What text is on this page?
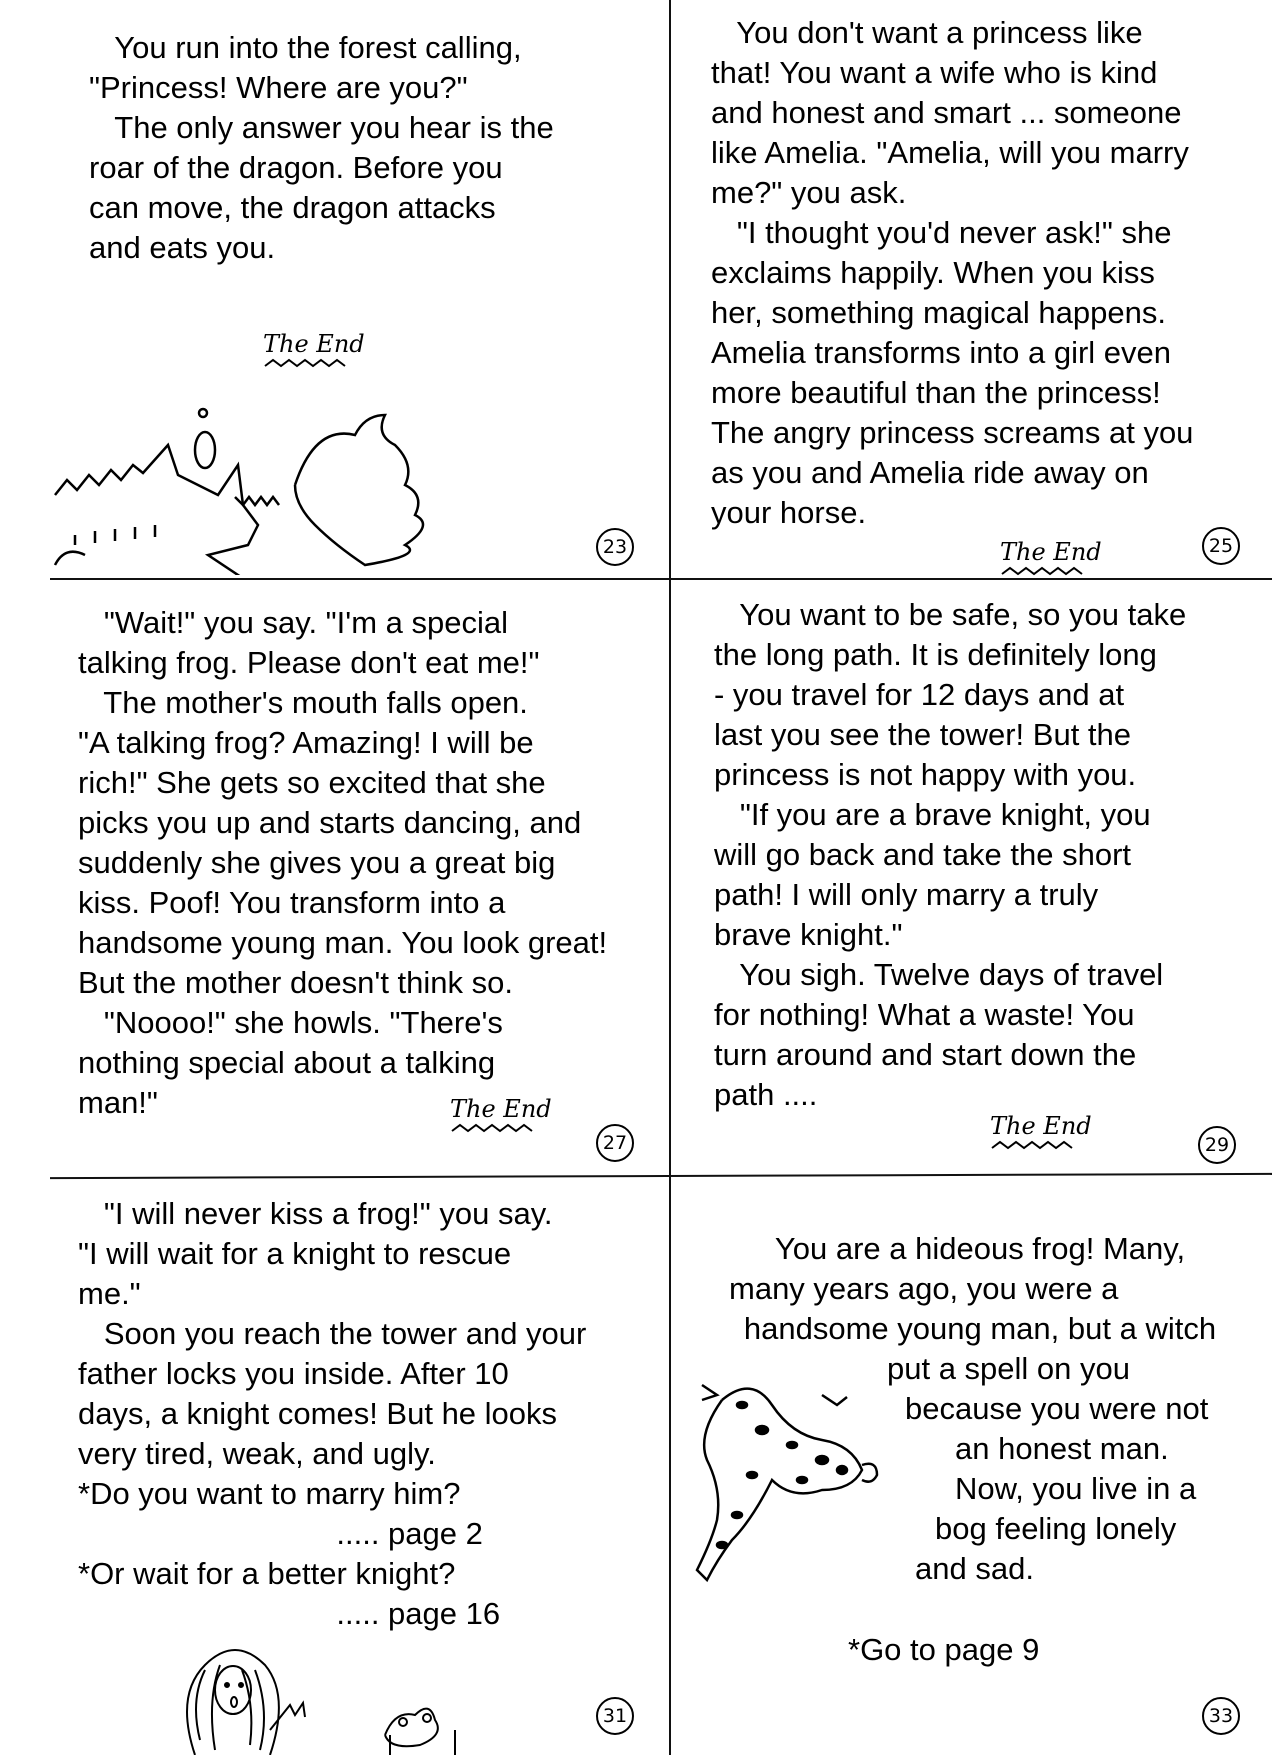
You run into the forest calling,
"Princess! Where are you?"
The only answer you hear is the
roar of the dragon. Before you
can move, the dragon attacks
and eats you.
The End
23
You don't want a princess like
that! You want a wife who is kind
and honest and smart ... someone
like Amelia. "Amelia, will you marry
me?" you ask.
"I thought you'd never ask!" she
exclaims happily. When you kiss
her, something magical happens.
Amelia transforms into a girl even
more beautiful than the princess!
The angry princess screams at you
as you and Amelia ride away on
your horse.
The End	25
"Wait!" you say. "I'm a special
talking frog. Please don't eat me!"
The mother's mouth falls open.
"A talking frog? Amazing! I will be
rich!" She gets so excited that she
picks you up and starts dancing, and
suddenly she gives you a great big
kiss. Poof! You transform into a
handsome young man. You look great!
But the mother doesn't think so.
"Noooo!" she howls. "There's
nothing special about a talking
man!"	The End
27
You want to be safe, so you take
the long path. It is definitely long
- you travel for 12 days and at
last you see the tower! But the
princess is not happy with you.
"If you are a brave knight, you
will go back and take the short
path! I will only marry a truly
brave knight."
You sigh. Twelve days of travel
for nothing! What a waste! You
turn around and start down the
path ....
The End
29
"I will never kiss a frog!" you say.
"I will wait for a knight to rescue
me."
Soon you reach the tower and your
father locks you inside. After 10
days, a knight comes! But he looks
very tired, weak, and ugly.
*Do you want to marry him?
..... page 2
*Or wait for a better knight?
..... page 16
31
You are a hideous frog! Many,
many years ago, you were a
handsome young man, but a witch
put a spell on you
because you were not
an honest man.
Now, you live in a
bog feeling lonely
and sad.
*Go to page 9
33
